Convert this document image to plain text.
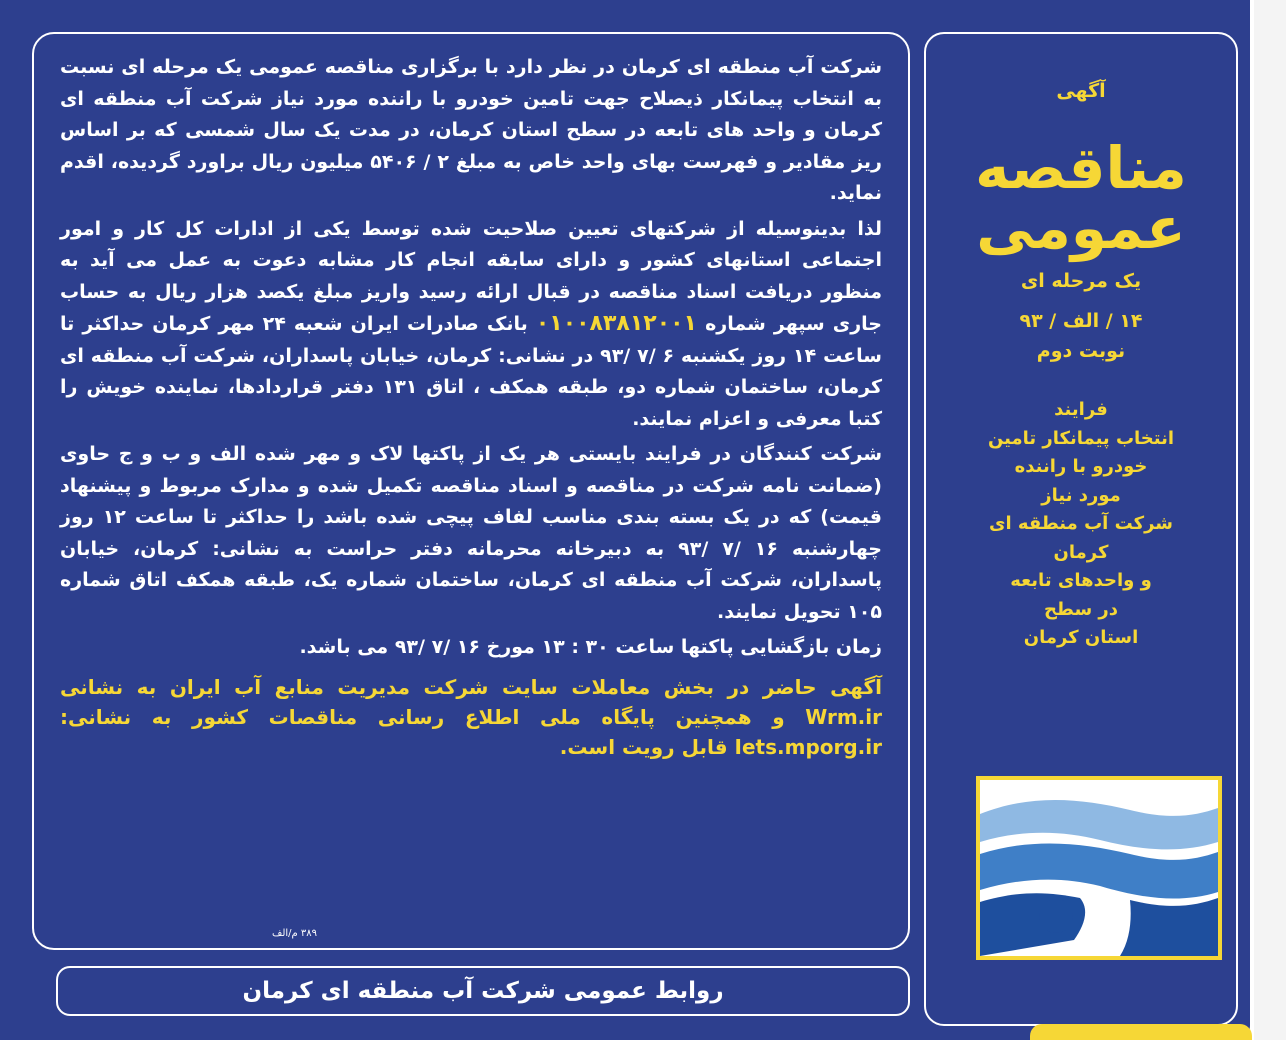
شرکت آب منطقه ای کرمان در نظر دارد با برگزاری مناقصه عمومی یک مرحله ای نسبت به انتخاب پیمانکار ذیصلاح جهت تامین خودرو با راننده مورد نیاز شرکت آب منطقه ای کرمان و واحد های تابعه در سطح استان کرمان، در مدت یک سال شمسی که بر اساس ریز مقادیر و فهرست بهای واحد خاص به مبلغ ۲ / ۵۴۰۶ میلیون ریال براورد گردیده، اقدم نماید.

لذا بدینوسیله از شرکتهای تعیین صلاحیت شده توسط یکی از ادارات کل کار و امور اجتماعی استانهای کشور و دارای سابقه انجام کار مشابه دعوت به عمل می آید به منظور دریافت اسناد مناقصه در قبال ارائه رسید واریز مبلغ یکصد هزار ریال به حساب جاری سپهر شماره ۰۱۰۰۸۳۸۱۲۰۰۱ بانک صادرات ایران شعبه ۲۴ مهر کرمان حداکثر تا ساعت ۱۴ روز یکشنبه ۶ /۷ /۹۳ در نشانی: کرمان، خیابان پاسداران، شرکت آب منطقه ای کرمان، ساختمان شماره دو، طبقه همکف ، اتاق ۱۳۱ دفتر قراردادها، نماینده خویش را کتبا معرفی و اعزام نمایند.

شرکت کنندگان در فرایند بایستی هر یک از پاکتها لاک و مهر شده الف و ب و ج حاوی (ضمانت نامه شرکت در مناقصه و اسناد مناقصه تکمیل شده و مدارک مربوط و پیشنهاد قیمت) که در یک بسته بندی مناسب لفاف پیچی شده باشد را حداکثر تا ساعت ۱۲ روز چهارشنبه ۱۶ /۷ /۹۳ به دبیرخانه محرمانه دفتر حراست به نشانی: کرمان، خیابان پاسداران، شرکت آب منطقه ای کرمان، ساختمان شماره یک، طبقه همکف اتاق شماره ۱۰۵ تحویل نمایند.

زمان بازگشایی پاکتها ساعت ۳۰ : ۱۳ مورخ ۱۶ /۷ /۹۳ می باشد.

آگهی حاضر در بخش معاملات سایت شرکت مدیریت منابع آب ایران به نشانی Wrm.ir و همچنین پایگاه ملی اطلاع رسانی مناقصات کشور به نشانی: Iets.mporg.ir قابل رویت است.

۳۸۹ م/الف
آگهی
مناقصه
عمومی
یک مرحله ای
۱۴ / الف / ۹۳
نوبت دوم
فرایند
انتخاب پیمانکار تامین
خودرو با راننده
مورد نیاز
شرکت آب منطقه ای
کرمان
و واحدهای تابعه
در سطح
استان کرمان
روابط عمومی شرکت آب منطقه ای کرمان
